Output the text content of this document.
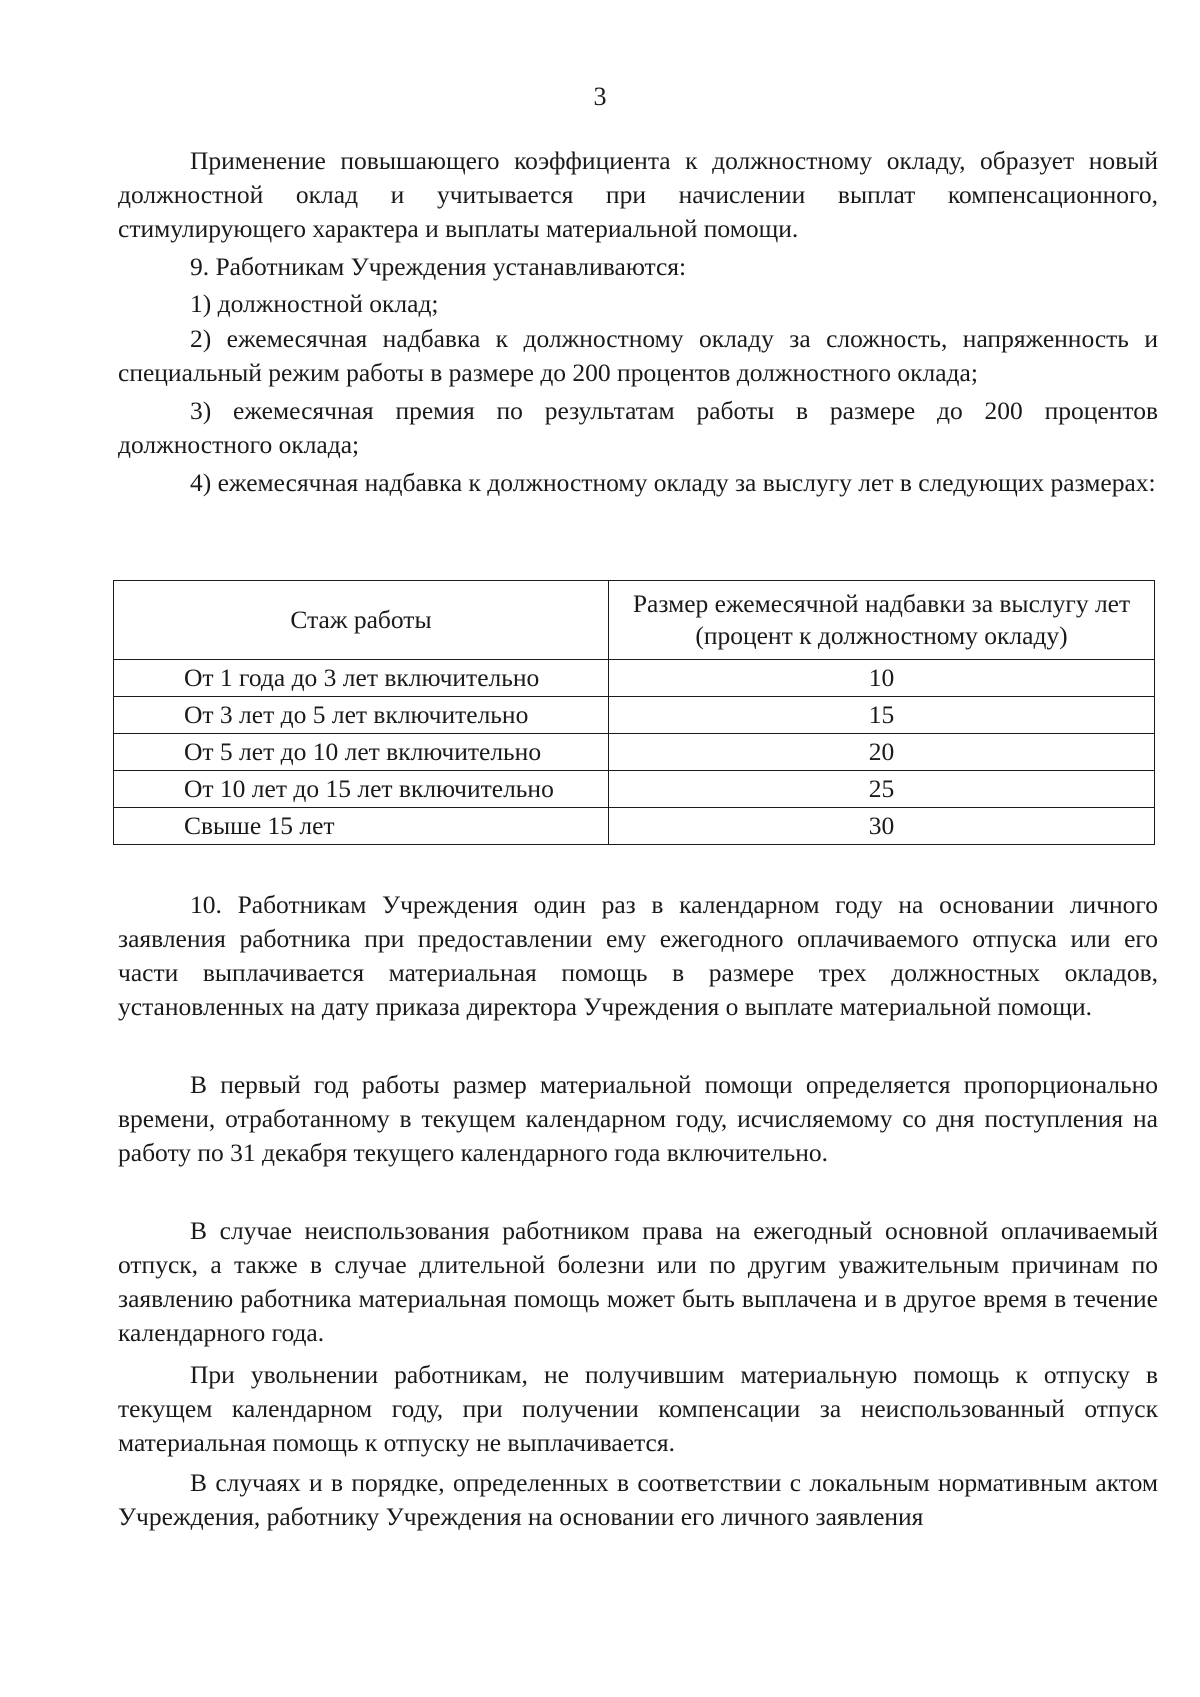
3

Применение повышающего коэффициента к должностному окладу, образует новый должностной оклад и учитывается при начислении выплат компенсационного, стимулирующего характера и выплаты материальной помощи.

9. Работникам Учреждения устанавливаются:

1) должностной оклад;

2) ежемесячная надбавка к должностному окладу за сложность, напряженность и специальный режим работы в размере до 200 процентов должностного оклада;

3) ежемесячная премия по результатам работы в размере до 200 процентов должностного оклада;

4) ежемесячная надбавка к должностному окладу за выслугу лет в следующих размерах:

Стаж работы	Размер ежемесячной надбавки за выслугу лет (процент к должностному окладу)
От 1 года до 3 лет включительно	10
От 3 лет до 5 лет включительно	15
От 5 лет до 10 лет включительно	20
От 10 лет до 15 лет включительно	25
Свыше 15 лет	30

10. Работникам Учреждения один раз в календарном году на основании личного заявления работника при предоставлении ему ежегодного оплачиваемого отпуска или его части выплачивается материальная помощь в размере трех должностных окладов, установленных на дату приказа директора Учреждения о выплате материальной помощи.

В первый год работы размер материальной помощи определяется пропорционально времени, отработанному в текущем календарном году, исчисляемому со дня поступления на работу по 31 декабря текущего календарного года включительно.

В случае неиспользования работником права на ежегодный основной оплачиваемый отпуск, а также в случае длительной болезни или по другим уважительным причинам по заявлению работника материальная помощь может быть выплачена и в другое время в течение календарного года.

При увольнении работникам, не получившим материальную помощь к отпуску в текущем календарном году, при получении компенсации за неиспользованный отпуск материальная помощь к отпуску не выплачивается.

В случаях и в порядке, определенных в соответствии с локальным нормативным актом Учреждения, работнику Учреждения на основании его личного заявления
